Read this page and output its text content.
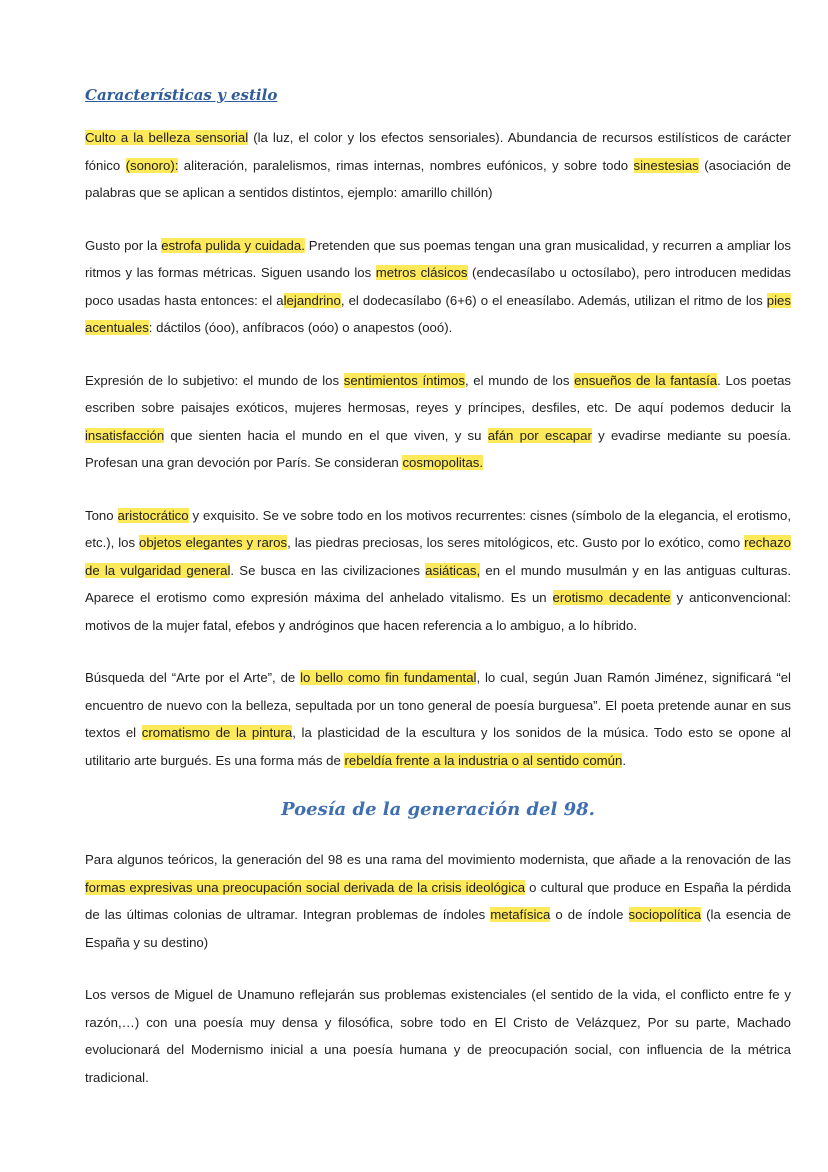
Características y estilo

Culto a la belleza sensorial (la luz, el color y los efectos sensoriales). Abundancia de recursos estilísticos de carácter fónico (sonoro): aliteración, paralelismos, rimas internas, nombres eufónicos, y sobre todo sinestesias (asociación de palabras que se aplican a sentidos distintos, ejemplo: amarillo chillón)

Gusto por la estrofa pulida y cuidada. Pretenden que sus poemas tengan una gran musicalidad, y recurren a ampliar los ritmos y las formas métricas. Siguen usando los metros clásicos (endecasílabo u octosílabo), pero introducen medidas poco usadas hasta entonces: el alejandrino, el dodecasílabo (6+6) o el eneasílabo. Además, utilizan el ritmo de los pies acentuales: dáctilos (óoo), anfíbracos (oóo) o anapestos (ooó).

Expresión de lo subjetivo: el mundo de los sentimientos íntimos, el mundo de los ensueños de la fantasía. Los poetas escriben sobre paisajes exóticos, mujeres hermosas, reyes y príncipes, desfiles, etc. De aquí podemos deducir la insatisfacción que sienten hacia el mundo en el que viven, y su afán por escapar y evadirse mediante su poesía. Profesan una gran devoción por París. Se consideran cosmopolitas.

Tono aristocrático y exquisito. Se ve sobre todo en los motivos recurrentes: cisnes (símbolo de la elegancia, el erotismo, etc.), los objetos elegantes y raros, las piedras preciosas, los seres mitológicos, etc. Gusto por lo exótico, como rechazo de la vulgaridad general. Se busca en las civilizaciones asiáticas, en el mundo musulmán y en las antiguas culturas. Aparece el erotismo como expresión máxima del anhelado vitalismo. Es un erotismo decadente y anticonvencional: motivos de la mujer fatal, efebos y andróginos que hacen referencia a lo ambiguo, a lo híbrido.

Búsqueda del “Arte por el Arte”, de lo bello como fin fundamental, lo cual, según Juan Ramón Jiménez, significará “el encuentro de nuevo con la belleza, sepultada por un tono general de poesía burguesa”. El poeta pretende aunar en sus textos el cromatismo de la pintura, la plasticidad de la escultura y los sonidos de la música. Todo esto se opone al utilitario arte burgués. Es una forma más de rebeldía frente a la industria o al sentido común.

Poesía de la generación del 98.

Para algunos teóricos, la generación del 98 es una rama del movimiento modernista, que añade a la renovación de las formas expresivas una preocupación social derivada de la crisis ideológica o cultural que produce en España la pérdida de las últimas colonias de ultramar. Integran problemas de índoles metafísica o de índole sociopolítica (la esencia de España y su destino)

Los versos de Miguel de Unamuno reflejarán sus problemas existenciales (el sentido de la vida, el conflicto entre fe y razón,…) con una poesía muy densa y filosófica, sobre todo en El Cristo de Velázquez, Por su parte, Machado evolucionará del Modernismo inicial a una poesía humana y de preocupación social, con influencia de la métrica tradicional.
